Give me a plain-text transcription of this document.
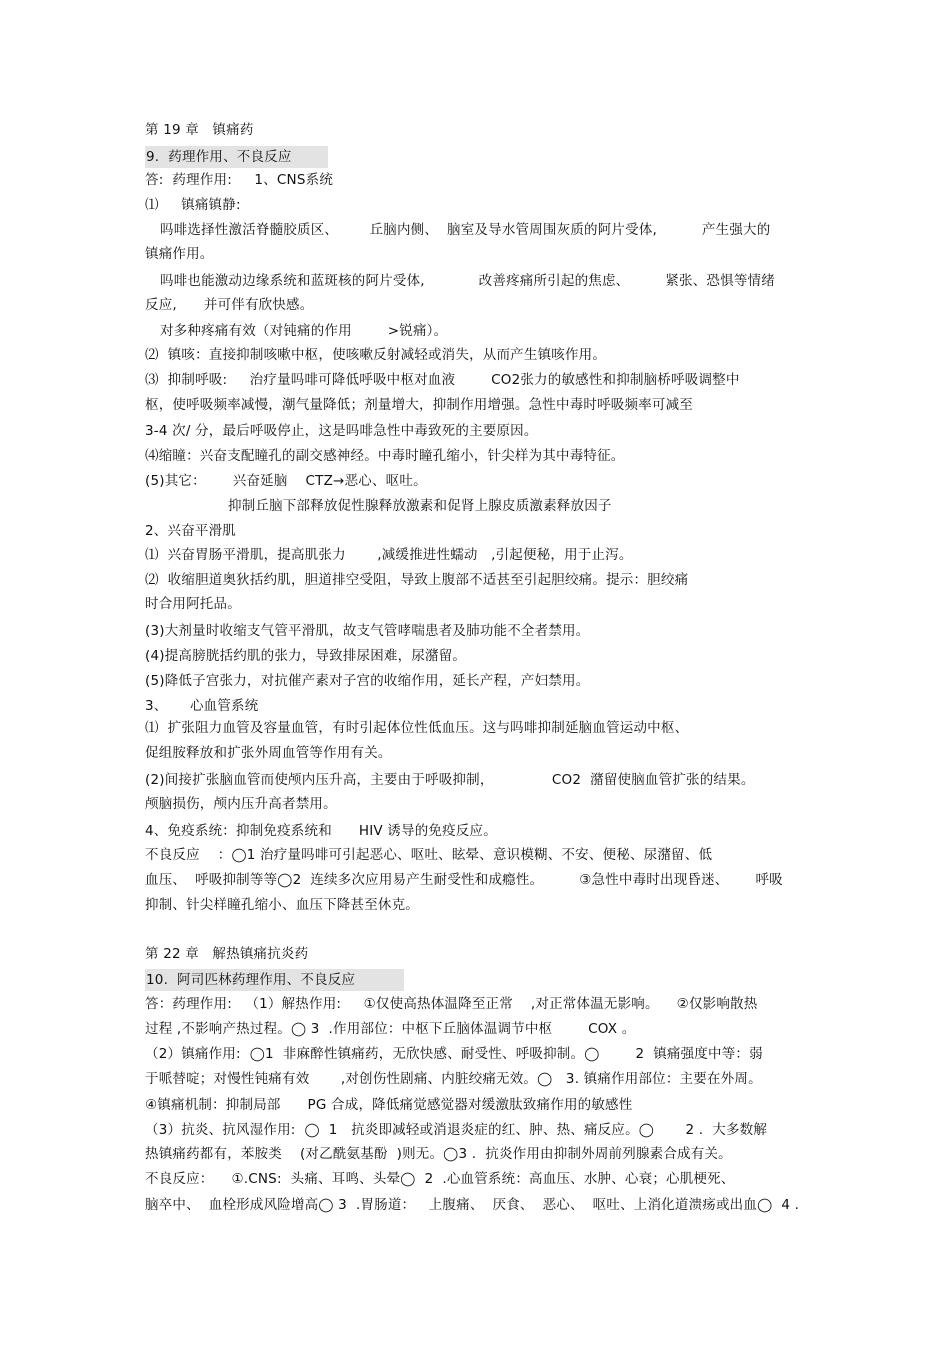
第 19 章   镇痛药
9.  药理作用、不良反应
答:  药理作用:     1、CNS系统
⑴     镇痛镇静:
吗啡选择性激活脊髓胶质区、       丘脑内侧、  脑室及导水管周围灰质的阿片受体,          产生强大的
镇痛作用。
吗啡也能激动边缘系统和蓝斑核的阿片受体,            改善疼痛所引起的焦虑、        紧张、恐惧等情绪
反应,      并可伴有欣快感。
对多种疼痛有效（对钝痛的作用        >锐痛）。
⑵  镇咳：直接抑制咳嗽中枢，使咳嗽反射减轻或消失，从而产生镇咳作用。
⑶  抑制呼吸:     治疗量吗啡可降低呼吸中枢对血液        CO2张力的敏感性和抑制脑桥呼吸调整中
枢，使呼吸频率减慢，潮气量降低；剂量增大，抑制作用增强。急性中毒时呼吸频率可减至
3-4 次/ 分，最后呼吸停止，这是吗啡急性中毒致死的主要原因。
⑷缩瞳：兴奋支配瞳孔的副交感神经。中毒时瞳孔缩小，针尖样为其中毒特征。
(5)其它：      兴奋延脑    CTZ→恶心、呕吐。
抑制丘脑下部释放促性腺释放激素和促肾上腺皮质激素释放因子
2、兴奋平滑肌
⑴  兴奋胃肠平滑肌，提高肌张力       ,减缓推进性蠕动   ,引起便秘，用于止泻。
⑵  收缩胆道奥狄括约肌，胆道排空受阻，导致上腹部不适甚至引起胆绞痛。提示：胆绞痛
时合用阿托品。
(3)大剂量时收缩支气管平滑肌，故支气管哮喘患者及肺功能不全者禁用。
(4)提高膀胱括约肌的张力，导致排尿困难，尿潴留。
(5)降低子宫张力，对抗催产素对子宫的收缩作用，延长产程，产妇禁用。
3、     心血管系统
⑴  扩张阻力血管及容量血管，有时引起体位性低血压。这与吗啡抑制延脑血管运动中枢、
促组胺释放和扩张外周血管等作用有关。
(2)间接扩张脑血管而使颅内压升高，主要由于呼吸抑制，             CO2  潴留使脑血管扩张的结果。
颅脑损伤，颅内压升高者禁用。
4、免疫系统：抑制免疫系统和      HIV 诱导的免疫反应。
不良反应    ：◯1 治疗量吗啡可引起恶心、呕吐、眩晕、意识模糊、不安、便秘、尿潴留、低
血压、  呼吸抑制等等◯2  连续多次应用易产生耐受性和成瘾性。        ③急性中毒时出现昏迷、      呼吸
抑制、针尖样瞳孔缩小、血压下降甚至休克。
第 22 章   解热镇痛抗炎药
10.  阿司匹林药理作用、不良反应
答：药理作用:   （1）解热作用:     ①仅使高热体温降至正常    ,对正常体温无影响。    ②仅影响散热
过程 ,不影响产热过程。◯ 3  .作用部位：中枢下丘脑体温调节中枢        COX 。
（2）镇痛作用:  ◯1  非麻醉性镇痛药，无欣快感、耐受性、呼吸抑制。◯        2  镇痛强度中等：弱
于哌替啶；对慢性钝痛有效       ,对创伤性剧痛、内脏绞痛无效。◯   3. 镇痛作用部位：主要在外周。
④镇痛机制：抑制局部      PG 合成，降低痛觉感觉器对缓激肽致痛作用的敏感性
（3）抗炎、抗风湿作用:  ◯  1   抗炎即减轻或消退炎症的红、肿、热、痛反应。◯       2 .  大多数解
热镇痛药都有，苯胺类    (对乙酰氨基酚  )则无。◯3 .  抗炎作用由抑制外周前列腺素合成有关。
不良反应：    ①.CNS:  头痛、耳鸣、头晕◯  2  .心血管系统：高血压、水肿、心衰；心肌梗死、
脑卒中、  血栓形成风险增高◯ 3  .胃肠道：   上腹痛、  厌食、  恶心、  呕吐、上消化道溃疡或出血◯  4 .
